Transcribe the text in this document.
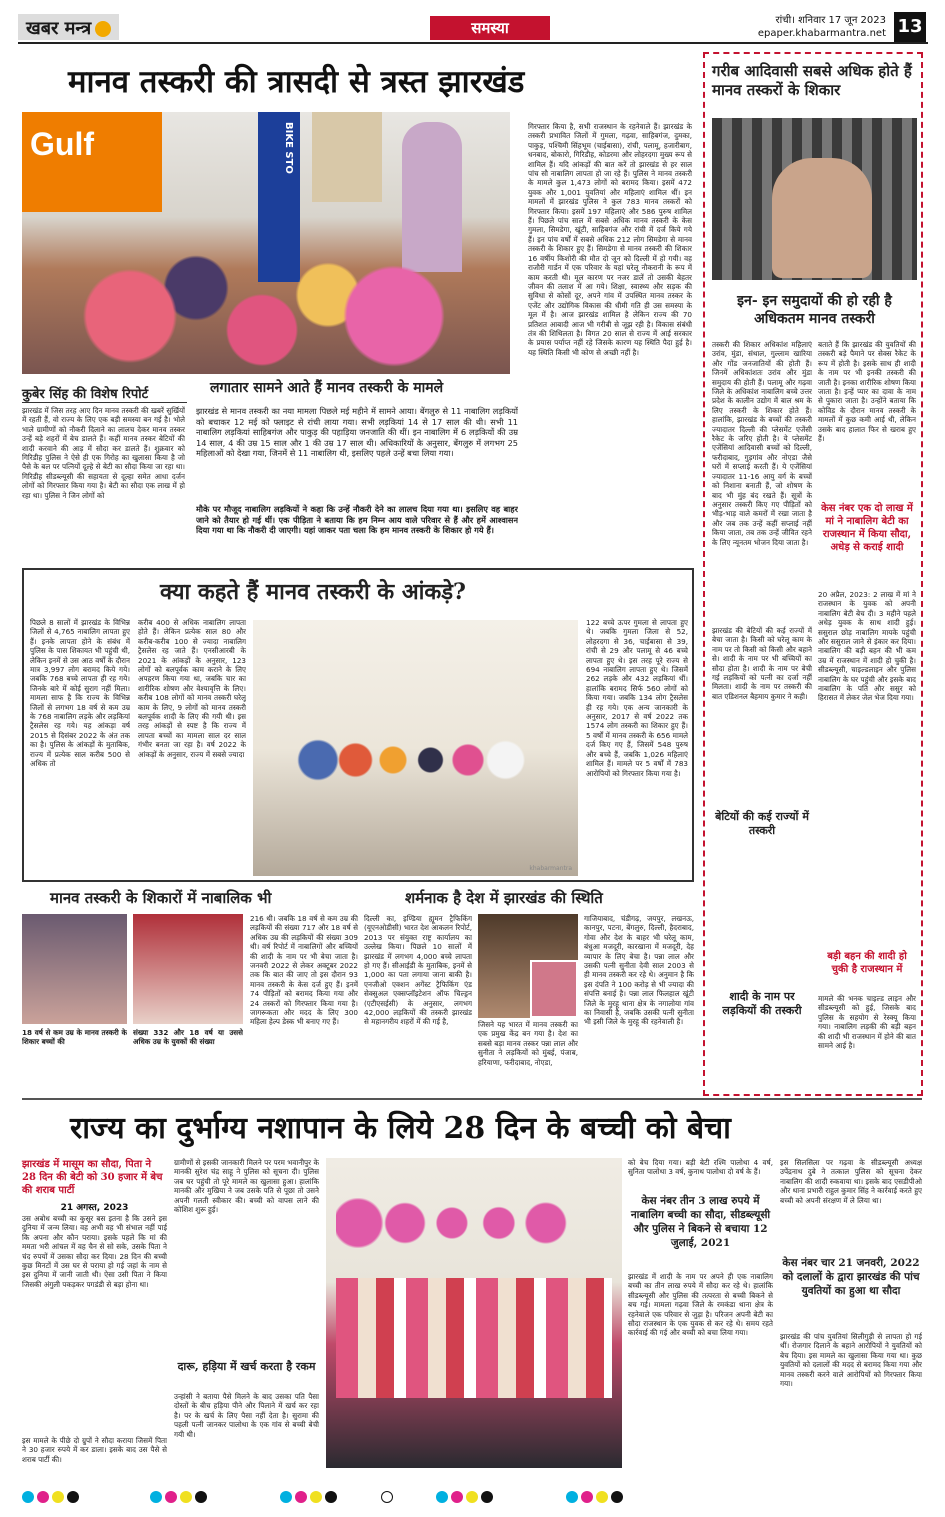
खबर मन्त्र	समस्या	रांची। शनिवार 17 जून 2023
epaper.khabarmantra.net 13
मानव तस्करी की त्रासदी से त्रस्त झारखंड
Gulf	BIKE STO	गिरफ्तार किया है, सभी राजस्थान के रहनेवाले हैं। झारखंड के तस्करी प्रभावित जिलों में गुमला, गढ़वा, साहिबगंज, दुमका, पाकुड़, पश्चिमी सिंहभूम (चाईबासा), रांची, पलामू, हजारीबाग, धनबाद, बोकारो, गिरिडीह, कोडरमा और लोहरदगा मुख्य रूप से शामिल हैं। यदि आंकड़ों की बात करें तो झारखंड से हर साल पांच सौ नाबालिग लापता हो जा रहे हैं। पुलिस ने मानव तस्करी के मामले कुल 1,473 लोगों को बरामद किया। इसमें 472 युवक और 1,001 युवतियां और महिलाएं शामिल थीं। इन मामलों में झारखंड पुलिस ने कुल 783 मानव तस्करों को गिरफ्तार किया। इसमें 197 महिलाएं और 586 पुरुष शामिल हैं। पिछले पांच साल में सबसे अधिक मानव तस्करी के केस गुमला, सिमडेगा, खूंटी, साहिबगंज और रांची में दर्ज किये गये हैं। इन पांच वर्षों में सबसे अधिक 212 लोग सिमडेगा से मानव तस्करी के शिकार हुए हैं। सिमडेगा से मानव तस्करी की शिकार 16 वर्षीय किशोरी की मौत दो जून को दिल्ली में हो गयी। वह राजौरी गार्डन में एक परिवार के यहां घरेलू नौकरानी के रूप में काम करती थी। मूल कारण पर नजर डालें तो उसकी बेहतर जीवन की तलाश में आ गये। शिक्षा, स्वास्थ्य और सड़क की सुविधा से कोसों दूर, अपने गांव में उपस्थित मानव तस्कर के एजेंट और उद्योगिक विकास की धीमी गति ही उस समस्या के मूल में है। आज झारखंड शामिल है लेकिन राज्य की 70 प्रतिशत आबादी आज भी गरीबी से जूझ रही है। विकास संबंधी तंत्र की शिथिलता है। विगत 20 साल से राज्य में आई सरकार के प्रयास पर्याप्त नहीं रहे जिसके कारण यह स्थिति पैदा हुई है। यह स्थिति किसी भी कोण से अच्छी नहीं है।
कुबेर सिंह की विशेष रिपोर्ट	लगातार सामने आते हैं मानव तस्करी के मामले
झारखंड में जिस तरह आए दिन मानव तस्करी की खबरें सुर्खियों में रहती हैं, वो राज्य के लिए एक बड़ी समस्या बन गई है। भोले भाले ग्रामीणों को नौकरी दिलाने का लालच देकर मानव तस्कर उन्हें बड़े शहरों में बेच डालते हैं। कहीं मानव तस्कर बेटियों की शादी करवाने की आड़ में सौदा कर डालते हैं। शुक्रवार को गिरिडीह पुलिस ने ऐसे ही एक गिरोह का खुलासा किया है जो पैसे के बल पर पत्नियों दूल्हे से बेटी का सौदा किया जा रहा था। गिरिडीह सीडब्ल्यूसी की सहायता से दूल्हा समेत आधा दर्जन लोगों को गिरफ्तार किया गया है। बेटी का सौदा एक लाख में हो रहा था। पुलिस ने जिन लोगों को
झारखंड से मानव तस्करी का नया मामला पिछले मई महीने में सामने आया। बेंगलुरु से 11 नाबालिग लड़कियों को बचाकर 12 मई को फ्लाइट से रांची लाया गया। सभी लड़कियां 14 से 17 साल की थी। सभी 11 नाबालिग लड़कियां साहिबगंज और पाकुड़ की पहाड़िया जनजाति की थीं। इन नाबालिग में 6 लड़कियों की उम्र 14 साल, 4 की उम्र 15 साल और 1 की उम्र 17 साल थी। अधिकारियों के अनुसार, बेंगलुरु में लगभग 25 महिलाओं को देखा गया, जिनमें से 11 नाबालिग थी, इसलिए पहले उन्हें बचा लिया गया।
मौके पर मौजूद नाबालिग लड़कियों ने कहा कि उन्हें नौकरी देने का लालच दिया गया था। इसलिए वह बाहर जाने को तैयार हो गई थीं। एक पीड़िता ने बताया कि हम निम्न आय वाले परिवार से हैं और हमें आश्वासन दिया गया था कि नौकरी दी जाएगी। यहां जाकर पता चला कि हम मानव तस्करी के शिकार हो गये हैं।
गरीब आदिवासी सबसे अधिक होते हैं मानव तस्करों के शिकार
इन- इन समुदायों की हो रही है अधिकतम मानव तस्करी
तस्करी की शिकार अधिकांश महिलाएं उरांव, मुंडा, संथाल, गुल्लाम खारिया और गोंड जनजातियों की होती हैं। जिनमें अधिकांशतः उरांव और मुंडा समुदाय की होती हैं। पलामू और गढ़वा जिले के अधिकांश नाबालिग बच्चे उत्तर प्रदेश के कालीन उद्योग में बाल श्रम के लिए तस्करी के शिकार होते हैं। हालांकि, झारखंड के बच्चों की तस्करी ज्यादातर दिल्ली की प्लेसमेंट एजेंसी रैकेट के जरिए होती है। ये प्लेसमेंट एजेंसियां आदिवासी बच्चों को दिल्ली, फरीदाबाद, गुड़गांव और नोएडा जैसे घरों में सप्लाई करती हैं। ये एजेंसियां ज्यादातर 11-16 आयु वर्ग के बच्चों को निशाना बनाती हैं, जो शोषण के बाद भी मुंह बंद रखते हैं। सूत्रों के अनुसार तस्करी किए गए पीड़ितों को भीड़-भाड़ वाले कमरों में रखा जाता है और जब तक उन्हें कहीं सप्लाई नहीं किया जाता, तब तक उन्हें जीवित रहने के लिए न्यूनतम भोजन दिया जाता है।
बेटियों की कई राज्यों में तस्करी
झारखंड की बेटियों की कई राज्यों में बेचा जाता है। किसी को घरेलू काम के नाम पर तो किसी को किसी और बहाने से। शादी के नाम पर भी बच्चियों का सौदा होता है। शादी के नाम पर बेची गई लड़कियों को पत्नी का दर्जा नहीं मिलता। शादी के नाम पर तस्करी की बात एडिशनल बैहमाय कुमार ने कही।
शादी के नाम पर लड़कियों की तस्करी
बताते हैं कि झारखंड की युवतियों की तस्करी बड़े पैमाने पर सेक्स रैकेट के रूप में होती है। इसके साथ ही शादी के नाम पर भी इनकी तस्करी की जाती है। इनका शारीरिक शोषण किया जाता है। इन्हें प्यार का दावा के नाम से पुकारा जाता है। उन्होंने बताया कि कोविड के दौरान मानव तस्करी के मामलों में कुछ कमी आई थी, लेकिन उसके बाद हालात फिर से खराब हुए हैं।
केस नंबर एक दो लाख में मां ने नाबालिग बेटी का राजस्थान में किया सौदा, अधेड़ से कराई शादी
20 अप्रैल, 2023: 2 लाख में मां ने राजस्थान के युवक को अपनी नाबालिग बेटी बेच दी। 3 महीने पहले अधेड़ युवक के साथ शादी हुई। ससुराल छोड़ नाबालिग मायके पहुंची और ससुराल जाने से इंकार कर दिया। नाबालिग की बड़ी बहन की भी कम उम्र में राजस्थान में शादी हो चुकी है। सीडब्ल्यूसी, चाइल्डलाइन और पुलिस नाबालिग के घर पहुंची और इसके बाद नाबालिग के पति और ससुर को हिरासत में लेकर जेल भेज दिया गया।
बड़ी बहन की शादी हो चुकी है राजस्थान में
मामले की भनक चाइल्ड लाइन और सीडब्ल्यूसी को हुई, जिसके बाद पुलिस के सहयोग से रेस्क्यू किया गया। नाबालिग लड़की की बड़ी बहन की शादी भी राजस्थान में होने की बात सामने आई है।
क्या कहते हैं मानव तस्करी के आंकड़े?
पिछले 8 सालों में झारखंड के विभिन्न जिलों से 4,765 नाबालिग लापता हुए हैं। इनके लापता होने के संबंध में पुलिस के पास शिकायत भी पहुंची थी, लेकिन इनमें से उस आठ वर्षों के दौरान मात्र 3,997 लोग बरामद किये गये। जबकि 768 बच्चे लापता ही रह गये। जिनके बारे में कोई सुराग नहीं मिला। मामला साफ है कि राज्य के विभिन्न जिलों से लगभग 18 वर्ष से कम उम्र के 768 नाबालिग लड़के और लड़कियां ट्रैसलेस रह गये। यह आंकड़ा वर्ष 2015 से दिसंबर 2022 के अंत तक का है। पुलिस के आंकड़ों के मुताबिक, राज्य में प्रत्येक साल करीब 500 से अधिक तो
करीब 400 से अधिक नाबालिग लापता होते हैं। लेकिन प्रत्येक साल 80 और करीब-करीब 100 से ज्यादा नाबालिग ट्रैसलेस रह जाते हैं। एनसीआरबी के 2021 के आंकड़ों के अनुसार, 123 लोगों को बलपूर्वक काम कराने के लिए अपहरण किया गया था, जबकि चार का शारीरिक शोषण और वेश्यावृत्ति के लिए। करीब 108 लोगों को मानव तस्करी घरेलू काम के लिए, 9 लोगों को मानव तस्करी बलपूर्वक शादी के लिए की गयी थी। इस तरह आंकड़ों से स्पष्ट है कि राज्य में लापता बच्चों का मामला साल दर साल गंभीर बनता जा रहा है। वर्ष 2022 के आंकड़ों के अनुसार, राज्य में सबसे ज्यादा
khabarmantra
122 बच्चे ऊपर गुमला से लापता हुए थे। जबकि गुमला जिला से 52, लोहरदगा से 36, चाईबासा से 39, रांची से 29 और पलामू से 46 बच्चे लापता हुए थे। इस तरह पूरे राज्य से 694 नाबालिग लापता हुए थे। जिसमें 262 लड़के और 432 लड़कियां थीं। हालांकि बरामद सिर्फ 560 लोगों को किया गया। जबकि 134 लोग ट्रैसलेस ही रह गये। एक अन्य जानकारी के अनुसार, 2017 से वर्ष 2022 तक 1574 लोग तस्करी का शिकार हुए हैं। 5 वर्षों में मानव तस्करी के 656 मामले दर्ज किए गए हैं, जिसमें 548 पुरुष और बच्चे हैं, जबकि 1,026 महिलाएं शामिल हैं। मामले पर 5 वर्षों में 783 आरोपियों को गिरफ्तार किया गया है।
मानव तस्करी के शिकारों में नाबालिक भी
18 वर्ष से कम उम्र के मानव तस्करी के शिकार बच्चों की
संख्या 332 और 18 वर्ष या उससे अधिक उम्र के युवकों की संख्या
216 थी। जबकि 18 वर्ष से कम उम्र की लड़कियों की संख्या 717 और 18 वर्ष से अधिक उम्र की लड़कियों की संख्या 309 थी। वर्ष रिपोर्ट में नाबालिगों और बच्चियों की शादी के नाम पर भी बेचा जाता है। जनवरी 2022 से लेकर अक्टूबर 2022 तक कि बात की जाए तो इस दौरान 93 मानव तस्करी के केस दर्ज हुए हैं। इनमें 74 पीड़ितों को बरामद किया गया और 24 तस्करों को गिरफ्तार किया गया है। जागरूकता और मदद के लिए 300 महिला हेल्प डेस्क भी बनाए गए हैं।
शर्मनाक है देश में झारखंड की स्थिति
दिल्ली का, इण्डिया ह्यूमन ट्रैफिकिंग (यूएनओडीसी) भारत देश आकलन रिपोर्ट, 2013 पर संयुक्त राष्ट्र कार्यालय का उल्लेख किया। पिछले 10 सालों में झारखंड में लगभग 4,000 बच्चे लापता हो गए हैं। सीआईडी के मुताबिक, इनमें से 1,000 का पता लगाया जाना बाकी है। एनजीओ एक्शन अगेंस्ट ट्रैफिकिंग एंड सेक्सुअल एक्सप्लॉइटेशन ऑफ चिल्ड्रन (एटीएसईसी) के अनुसार, लगभग 42,000 लड़कियों की तस्करी झारखंड से महानगरीय शहरों में की गई है,	जिसने यह भारत में मानव तस्करी का एक प्रमुख केंद्र बन गया है। देश का सबसे बड़ा मानव तस्कर पन्ना लाल और सुनीता ने लड़कियों को मुंबई, पंजाब, हरियाणा, फरीदाबाद, नोएडा,
गाजियाबाद, चंडीगढ़, जयपुर, लखनऊ, कानपुर, पटना, बेंगलुरु, दिल्ली, हैदराबाद, गोवा और देश के बाहर भी घरेलू काम, बंधुआ मजदूरी, कारखाना में मजदूरी, देह व्यापार के लिए बेचा है। पन्ना लाल और उसकी पत्नी सुनीता देवी साल 2003 से ही मानव तस्करी कर रहे थे। अनुमान है कि इस दंपति ने 100 करोड़ से भी ज्यादा की संपत्ति बनाई है। पन्ना लाल फिलहाल खूंटी जिले के मुरहू थाना क्षेत्र के नगालोया गांव का निवासी है, जबकि उसकी पत्नी सुनीता भी इसी जिले के मुरहू की रहनेवाली है।
राज्य का दुर्भाग्य नशापान के लिये 28 दिन के बच्ची को बेचा
झारखंड में मासूम का सौदा, पिता ने 28 दिन की बेटी को 30 हजार में बेच की शराब पार्टी
21 अगस्त, 2023
उस अबोध बच्ची का कुसूर बस इतना है कि उसने इस दुनिया में जन्म लिया। वह अभी वह भी संभाल नहीं पाई कि अपना और कौन पराया। इसके पहले कि मां की ममता भरी आंचल में वह चैन से सो सके, उसके पिता ने चंद रुपयों में उसका सौदा कर दिया। 28 दिन की बच्ची कुछ मिनटों में उस घर से पराया हो गई जहां के नाम से इस दुनिया में जानी जाती थी। ऐसा उसी पिता ने किया जिसकी अंगुली पकड़कर पगडंडी से बड़ा होना था।
इस मामले के पीछे दो ग्रुपों ने सौदा कराया जिसमें पिता ने 30 हजार रुपये में कर डाला। इसके बाद उस पैसे से शराब पार्टी की।
ग्रामीणों से इसकी जानकारी मिलने पर परम भवानीपुर के मानकी सुरेश चंद्र साहू ने पुलिस को सूचना दी। पुलिस जब घर पहुंची तो पूरे मामले का खुलासा हुआ। हालांकि मानकी और मुखिया ने जब उसके पति से पूछा तो उसने अपनी गलती स्वीकार की। बच्ची को वापस लाने की कोशिश शुरू हुई।
दारू, हड़िया में खर्च करता है रकम
उन्हांसी ने बताया पैसे मिलने के बाद उसका पति पैसा दोस्तों के बीच हड़िया पीने और पिलाने में खर्च कर रहा है। पर के खर्च के लिए पैसा नहीं देता है। सुरामा की पहली पत्नी जानकर पालोथा के एक गांव से बच्ची बेची गयी थी।
को बेच दिया गया। बड़ी बेटी रश्मि पालोथा 4 वर्ष, सुनिता पालोथा 3 वर्ष, कुनाथ पालोथा दो वर्ष के हैं।
केस नंबर तीन 3 लाख रुपये में नाबालिग बच्ची का सौदा, सीडब्ल्यूसी और पुलिस ने बिकने से बचाया 12 जुलाई, 2021
झारखंड में शादी के नाम पर अपने ही एक नाबालिग बच्ची का तीन लाख रुपये में सौदा कर रहे थे। हालांकि सीडब्ल्यूसी और पुलिस की तत्परता से बच्ची बिकने से बच गई। मामला गढ़वा जिले के रमकंडा थाना क्षेत्र के रहनेवाले एक परिवार से जुड़ा है। परिजन अपनी बेटी का सौदा राजस्थान के एक युवक से कर रहे थे। समय रहते कार्रवाई की गई और बच्ची को बचा लिया गया।
इस सिलसिला पर गढ़वा के सीडब्ल्यूसी अध्यक्ष उपेंद्रनाथ दुबे ने तत्काल पुलिस को सूचना देकर नाबालिग की शादी रुकवाया था। इसके बाद एसडीपीओ और थाना प्रभारी राहुल कुमार सिंह ने कार्रवाई करते हुए बच्ची को अपनी संरक्षण में ले लिया था।
केस नंबर चार 21 जनवरी, 2022 को दलालों के द्वारा झारखंड की पांच युवतियों का हुआ था सौदा
झारखंड की पांच युवतियां सिलीगुड़ी से लापता हो गई थीं। रोजगार दिलाने के बहाने आरोपियों ने युवतियों को बेच दिया। इस मामले का खुलासा किया गया था। कुछ युवतियों को दलालों की मदद से बरामद किया गया और मानव तस्करी करने वाले आरोपियों को गिरफ्तार किया गया।
